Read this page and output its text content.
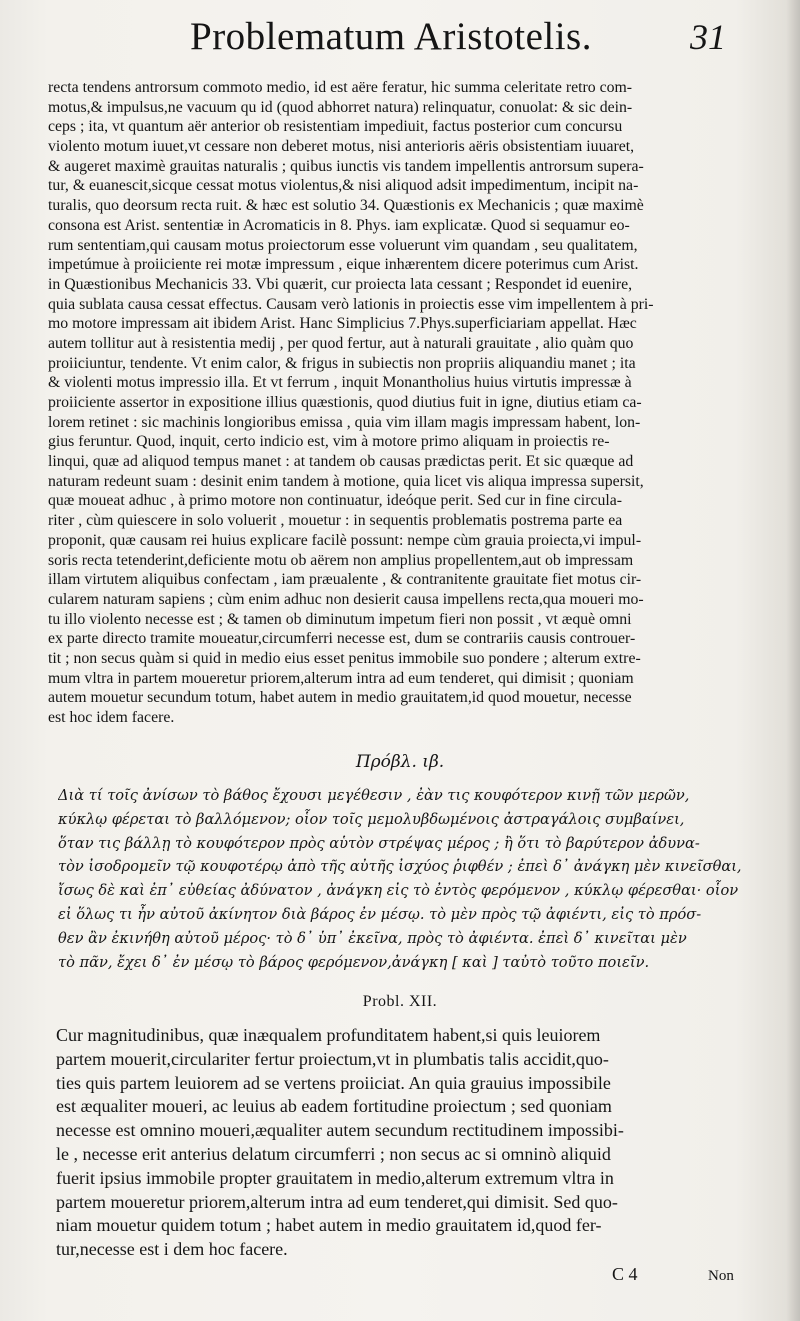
Problematum Aristotelis.	31
recta tendens antrorsum commoto medio, id est aëre feratur, hic summa celeritate retro com-
motus,& impulsus,ne vacuum qu id (quod abhorret natura) relinquatur, conuolat: & sic dein-
ceps ; ita, vt quantum aër anterior ob resistentiam impediuit, factus posterior cum concursu
violento motum iuuet,vt cessare non deberet motus, nisi anterioris aëris obsistentiam iuuaret,
& augeret maximè grauitas naturalis ; quibus iunctis vis tandem impellentis antrorsum supera-
tur, & euanescit,sicque cessat motus violentus,& nisi aliquod adsit impedimentum, incipit na-
turalis, quo deorsum recta ruit. & hæc est solutio 34. Quæstionis ex Mechanicis ; quæ maximè
consona est Arist. sententiæ in Acromaticis in 8. Phys. iam explicatæ. Quod si sequamur eo-
rum sententiam,qui causam motus proiectorum esse voluerunt vim quandam , seu qualitatem,
impetúmue à proiiciente rei motæ impressum , eique inhærentem dicere poterimus cum Arist.
in Quæstionibus Mechanicis 33. Vbi quærit, cur proiecta lata cessant ; Respondet id euenire,
quia sublata causa cessat effectus. Causam verò lationis in proiectis esse vim impellentem à pri-
mo motore impressam ait ibidem Arist. Hanc Simplicius 7.Phys.superficiariam appellat. Hæc
autem tollitur aut à resistentia medij , per quod fertur, aut à naturali grauitate , alio quàm quo
proiiciuntur, tendente. Vt enim calor, & frigus in subiectis non propriis aliquandiu manet ; ita
& violenti motus impressio illa. Et vt ferrum , inquit Monantholius huius virtutis impressæ à
proiiciente assertor in expositione illius quæstionis, quod diutius fuit in igne, diutius etiam ca-
lorem retinet : sic machinis longioribus emissa , quia vim illam magis impressam habent, lon-
gius feruntur. Quod, inquit, certo indicio est, vim à motore primo aliquam in proiectis re-
linqui, quæ ad aliquod tempus manet : at tandem ob causas prædictas perit. Et sic quæque ad
naturam redeunt suam : desinit enim tandem à motione, quia licet vis aliqua impressa supersit,
quæ moueat adhuc , à primo motore non continuatur, ideóque perit. Sed cur in fine circula-
riter , cùm quiescere in solo voluerit , mouetur : in sequentis problematis postrema parte ea
proponit, quæ causam rei huius explicare facilè possunt: nempe cùm grauia proiecta,vi impul-
soris recta tetenderint,deficiente motu ob aërem non amplius propellentem,aut ob impressam
illam virtutem aliquibus confectam , iam præualente , & contranitente grauitate fiet motus cir-
cularem naturam sapiens ; cùm enim adhuc non desierit causa impellens recta,qua moueri mo-
tu illo violento necesse est ; & tamen ob diminutum impetum fieri non possit , vt æquè omni
ex parte directo tramite moueatur,circumferri necesse est, dum se contrariis causis controuer-
tit ; non secus quàm si quid in medio eius esset penitus immobile suo pondere ; alterum extre-
mum vltra in partem moueretur priorem,alterum intra ad eum tenderet, qui dimisit ; quoniam
autem mouetur secundum totum, habet autem in medio grauitatem,id quod mouetur, necesse
est hoc idem facere.
Πρόβλ. ιβ.
Διὰ τί τοῖς ἀνίσων τὸ βάθος ἔχουσι μεγέθεσιν , ἐὰν τις κουφότερον κινῇ τῶν μερῶν,
κύκλῳ φέρεται τὸ βαλλόμενον; οἷον τοῖς μεμολυβδωμένοις ἀστραγάλοις συμβαίνει,
ὅταν τις βάλλῃ τὸ κουφότερον πρὸς αὑτὸν στρέψας μέρος ; ἢ ὅτι τὸ βαρύτερον ἀδυνα-
τὸν ἰσοδρομεῖν τῷ κουφοτέρῳ ἀπὸ τῆς αὐτῆς ἰσχύος ῥιφθέν ; ἐπεὶ δ᾽ ἀνάγκη μὲν κινεῖσθαι,
ἴσως δὲ καὶ ἐπ᾽ εὐθείας ἀδύνατον , ἀνάγκη εἰς τὸ ἐντὸς φερόμενον , κύκλῳ φέρεσθαι· οἷον
εἰ ὅλως τι ἦν αὐτοῦ ἀκίνητον διὰ βάρος ἐν μέσῳ. τὸ μὲν πρὸς τῷ ἀφιέντι, εἰς τὸ πρόσ-
θεν ἂν ἐκινήθη αὐτοῦ μέρος· τὸ δ᾽ ὑπ᾽ ἐκεῖνα, πρὸς τὸ ἀφιέντα. ἐπεὶ δ᾽ κινεῖται μὲν
τὸ πᾶν, ἔχει δ᾽ ἐν μέσῳ τὸ βάρος φερόμενον,ἀνάγκη [ καὶ ] ταὐτὸ τοῦτο ποιεῖν.
Probl. XII.
Cur magnitudinibus, quæ inæqualem profunditatem habent,si quis leuiorem
partem mouerit,circulariter fertur proiectum,vt in plumbatis talis accidit,quo-
ties quis partem leuiorem ad se vertens proiiciat. An quia grauius impossibile
est æqualiter moueri, ac leuius ab eadem fortitudine proiectum ; sed quoniam
necesse est omnino moueri,æqualiter autem secundum rectitudinem impossibi-
le , necesse erit anterius delatum circumferri ; non secus ac si omninò aliquid
fuerit ipsius immobile propter grauitatem in medio,alterum extremum vltra in
partem moueretur priorem,alterum intra ad eum tenderet,qui dimisit. Sed quo-
niam mouetur quidem totum ; habet autem in medio grauitatem id,quod fer-
tur,necesse est i dem hoc facere.
C 4	Non
